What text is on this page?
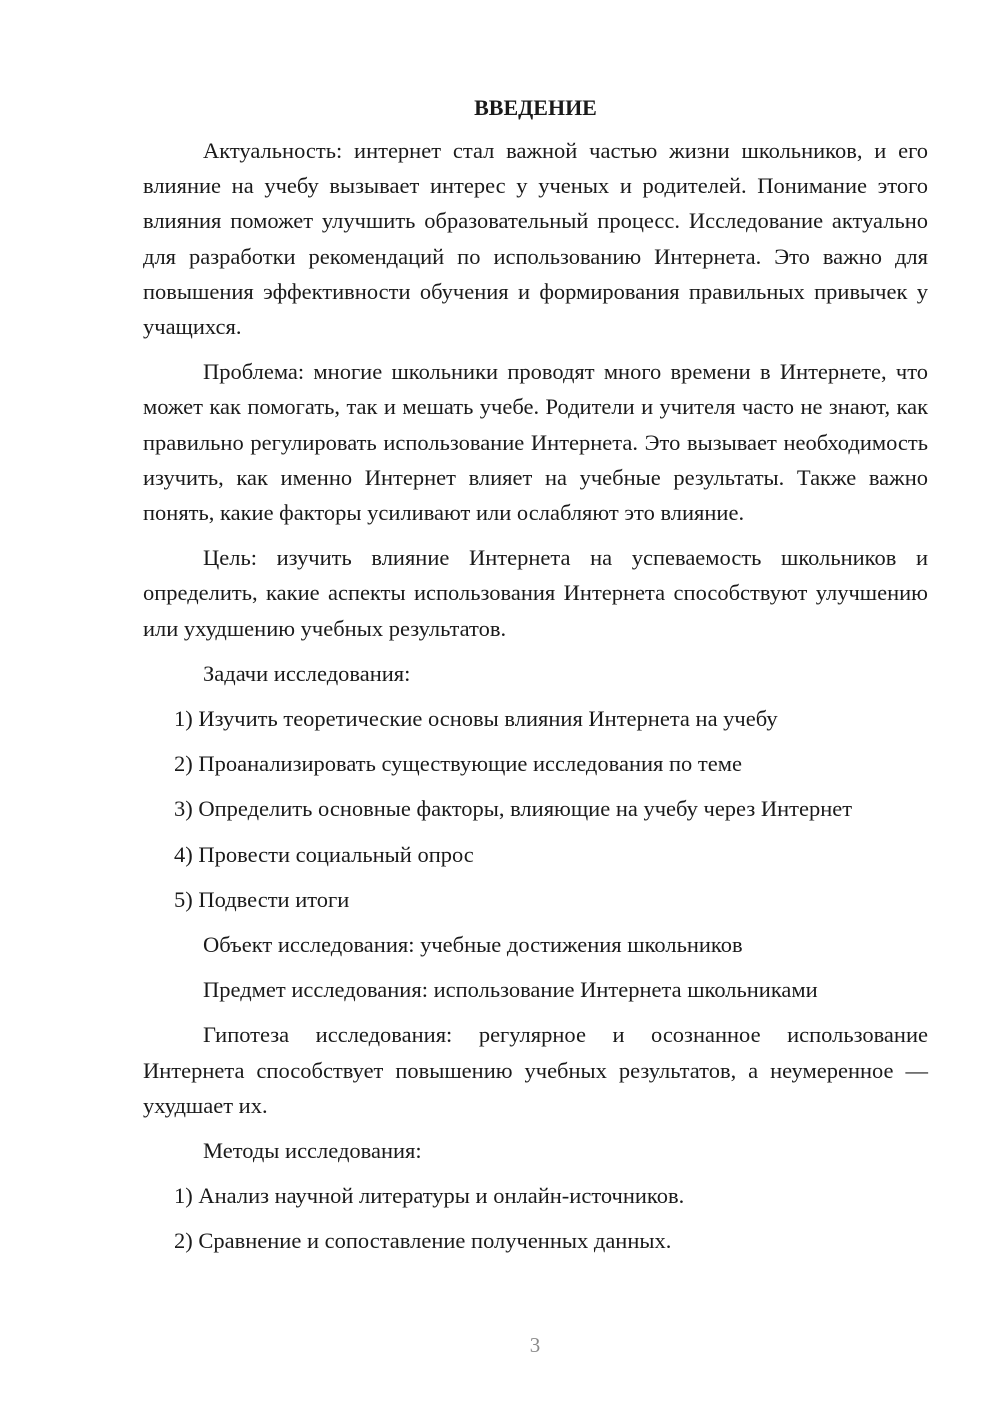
ВВЕДЕНИЕ

Актуальность: интернет стал важной частью жизни школьников, и его влияние на учебу вызывает интерес у ученых и родителей. Понимание этого влияния поможет улучшить образовательный процесс. Исследование актуально для разработки рекомендаций по использованию Интернета. Это важно для повышения эффективности обучения и формирования правильных привычек у учащихся.

Проблема: многие школьники проводят много времени в Интернете, что может как помогать, так и мешать учебе. Родители и учителя часто не знают, как правильно регулировать использование Интернета. Это вызывает необходимость изучить, как именно Интернет влияет на учебные результаты. Также важно понять, какие факторы усиливают или ослабляют это влияние.

Цель: изучить влияние Интернета на успеваемость школьников и определить, какие аспекты использования Интернета способствуют улучшению или ухудшению учебных результатов.

Задачи исследования:
1) Изучить теоретические основы влияния Интернета на учебу
2) Проанализировать существующие исследования по теме
3) Определить основные факторы, влияющие на учебу через Интернет
4) Провести социальный опрос
5) Подвести итоги
Объект исследования: учебные достижения школьников
Предмет исследования: использование Интернета школьниками

Гипотеза исследования: регулярное и осознанное использование Интернета способствует повышению учебных результатов, а неумеренное — ухудшает их.

Методы исследования:
1) Анализ научной литературы и онлайн-источников.
2) Сравнение и сопоставление полученных данных.
3
